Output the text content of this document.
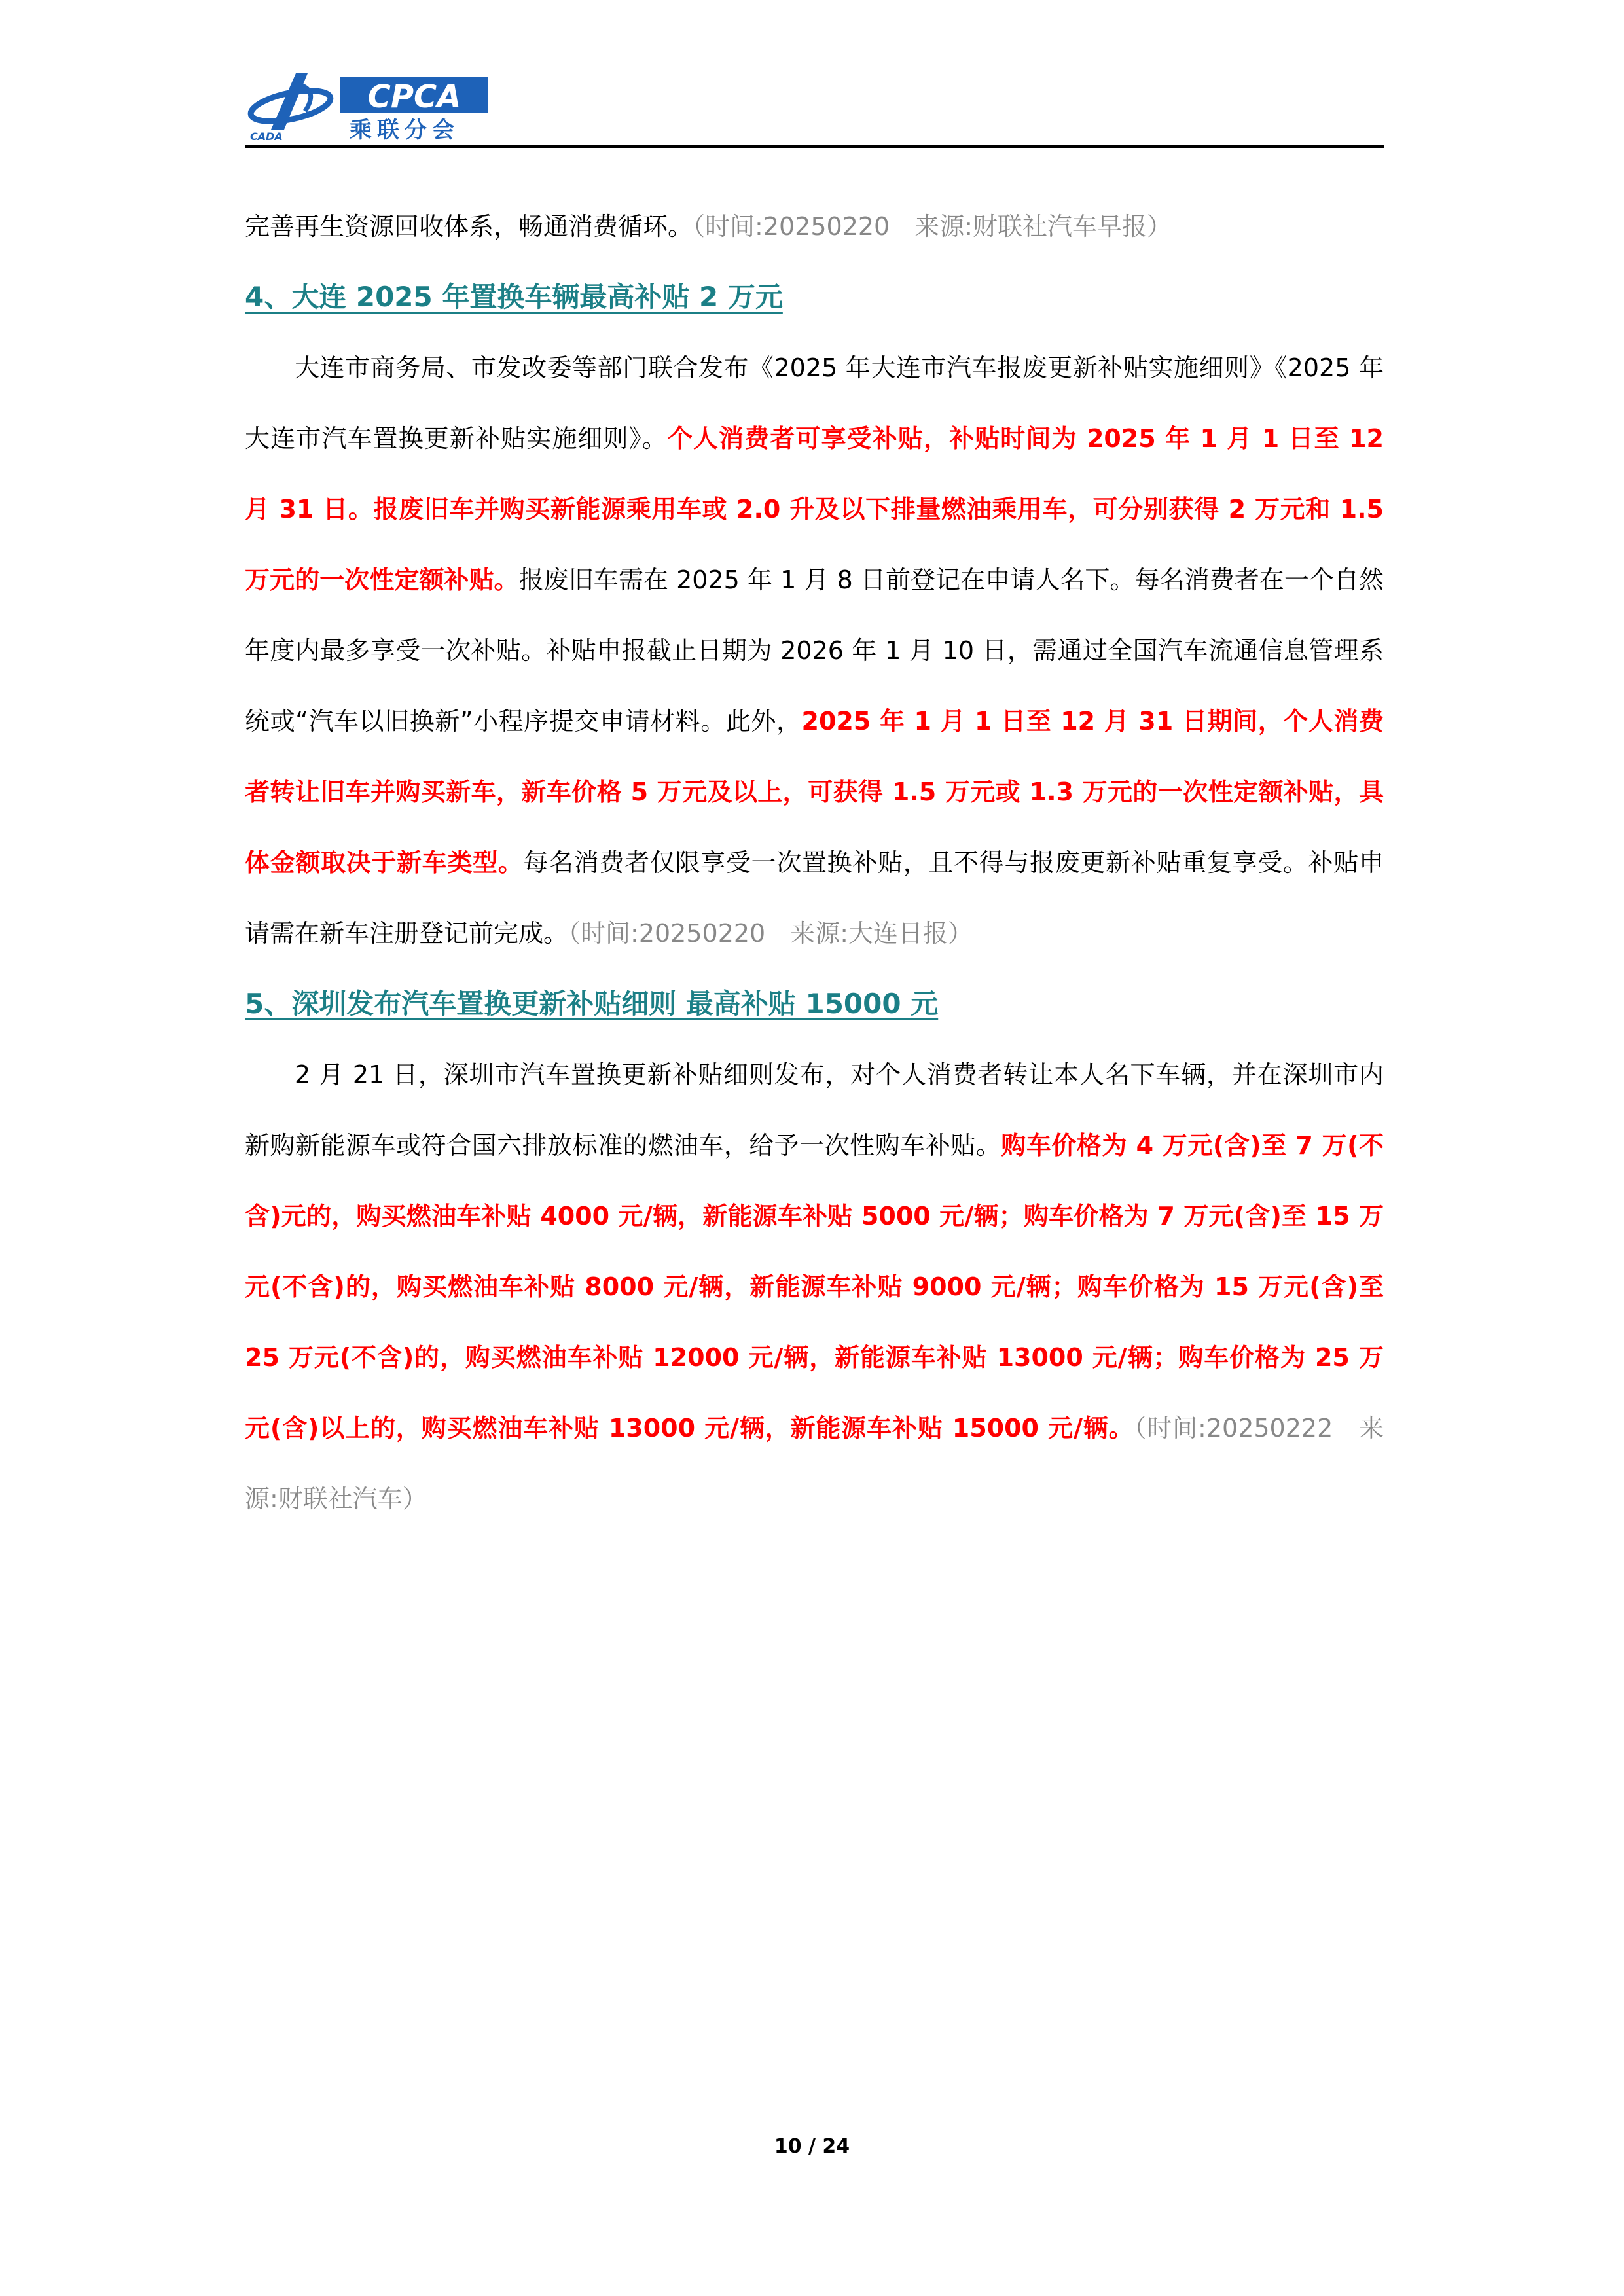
CPCA
CADA	乘联分会

完善再生资源回收体系，畅通消费循环。（时间:20250220　来源:财联社汽车早报）

4、大连 2025 年置换车辆最高补贴 2 万元

大连市商务局、市发改委等部门联合发布《2025 年大连市汽车报废更新补贴实施细则》《2025 年大连市汽车置换更新补贴实施细则》。个人消费者可享受补贴，补贴时间为 2025 年 1 月 1 日至 12 月 31 日。报废旧车并购买新能源乘用车或 2.0 升及以下排量燃油乘用车，可分别获得 2 万元和 1.5 万元的一次性定额补贴。报废旧车需在 2025 年 1 月 8 日前登记在申请人名下。每名消费者在一个自然年度内最多享受一次补贴。补贴申报截止日期为 2026 年 1 月 10 日，需通过全国汽车流通信息管理系统或“汽车以旧换新”小程序提交申请材料。此外，2025 年 1 月 1 日至 12 月 31 日期间，个人消费者转让旧车并购买新车，新车价格 5 万元及以上，可获得 1.5 万元或 1.3 万元的一次性定额补贴，具体金额取决于新车类型。每名消费者仅限享受一次置换补贴，且不得与报废更新补贴重复享受。补贴申请需在新车注册登记前完成。（时间:20250220　来源:大连日报）

5、深圳发布汽车置换更新补贴细则 最高补贴 15000 元

2 月 21 日，深圳市汽车置换更新补贴细则发布，对个人消费者转让本人名下车辆，并在深圳市内新购新能源车或符合国六排放标准的燃油车，给予一次性购车补贴。购车价格为 4 万元(含)至 7 万(不含)元的，购买燃油车补贴 4000 元/辆，新能源车补贴 5000 元/辆；购车价格为 7 万元(含)至 15 万元(不含)的，购买燃油车补贴 8000 元/辆，新能源车补贴 9000 元/辆；购车价格为 15 万元(含)至 25 万元(不含)的，购买燃油车补贴 12000 元/辆，新能源车补贴 13000 元/辆；购车价格为 25 万元(含)以上的，购买燃油车补贴 13000 元/辆，新能源车补贴 15000 元/辆。（时间:20250222　来源:财联社汽车）

10 / 24
